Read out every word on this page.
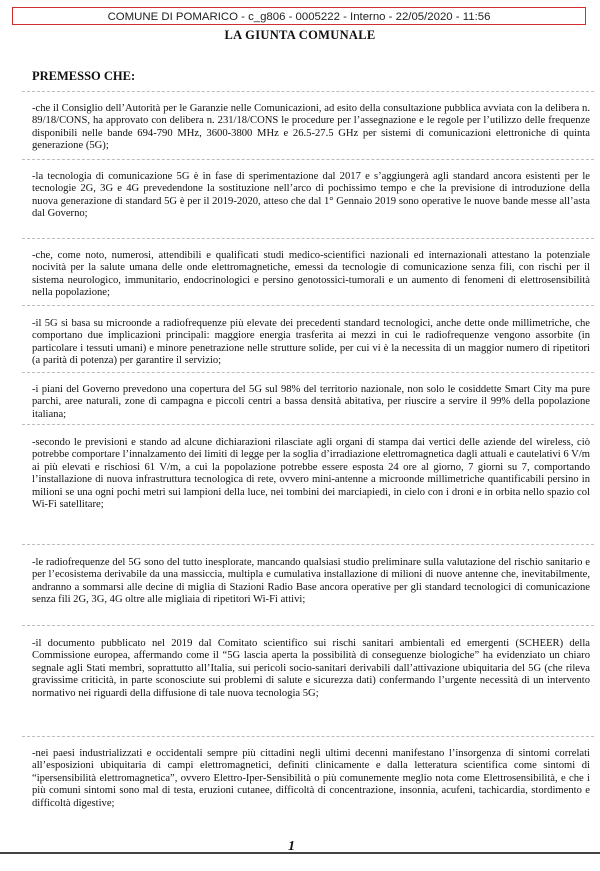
COMUNE DI POMARICO - c_g806 - 0005222 - Interno - 22/05/2020 - 11:56
LA GIUNTA COMUNALE
PREMESSO CHE:

-che il Consiglio dell’Autorità per le Garanzie nelle Comunicazioni, ad esito della consultazione pubblica avviata con la delibera n. 89/18/CONS, ha approvato con delibera n. 231/18/CONS le procedure per l’assegnazione e le regole per l’utilizzo delle frequenze disponibili nelle bande 694-790 MHz, 3600-3800 MHz e 26.5-27.5 GHz per sistemi di comunicazioni elettroniche di quinta generazione (5G);

-la tecnologia di comunicazione 5G è in fase di sperimentazione dal 2017 e s’aggiungerà agli standard ancora esistenti per le tecnologie 2G, 3G e 4G prevedendone la sostituzione nell’arco di pochissimo tempo e che la previsione di introduzione della nuova generazione di standard 5G è per il 2019-2020, atteso che dal 1° Gennaio 2019 sono operative le nuove bande messe all’asta dal Governo;

-che, come noto, numerosi, attendibili e qualificati studi medico-scientifici nazionali ed internazionali attestano la potenziale nocività per la salute umana delle onde elettromagnetiche, emessi da tecnologie di comunicazione senza fili, con rischi per il sistema neurologico, immunitario, endocrinologici e persino genotossici-tumorali e un aumento di fenomeni di elettrosensibilità nella popolazione;

-il 5G si basa su microonde a radiofrequenze più elevate dei precedenti standard tecnologici, anche dette onde millimetriche, che comportano due implicazioni principali: maggiore energia trasferita ai mezzi in cui le radiofrequenze vengono assorbite (in particolare i tessuti umani) e minore penetrazione nelle strutture solide, per cui vi è la necessita di un maggior numero di ripetitori (a parità di potenza) per garantire il servizio;

-i piani del Governo prevedono una copertura del 5G sul 98% del territorio nazionale, non solo le cosiddette Smart City ma pure parchi, aree naturali, zone di campagna e piccoli centri a bassa densità abitativa, per riuscire a servire il 99% della popolazione italiana;

-secondo le previsioni e stando ad alcune dichiarazioni rilasciate agli organi di stampa dai vertici delle aziende del wireless, ciò potrebbe comportare l’innalzamento dei limiti di legge per la soglia d’irradiazione elettromagnetica dagli attuali e cautelativi 6 V/m ai più elevati e rischiosi 61 V/m, a cui la popolazione potrebbe essere esposta 24 ore al giorno, 7 giorni su 7, comportando l’installazione di nuova infrastruttura tecnologica di rete, ovvero mini-antenne a microonde millimetriche quantificabili persino in milioni se una ogni pochi metri sui lampioni della luce, nei tombini dei marciapiedi, in cielo con i droni e in orbita nello spazio col Wi-Fi satellitare;

-le radiofrequenze del 5G sono del tutto inesplorate, mancando qualsiasi studio preliminare sulla valutazione del rischio sanitario e per l’ecosistema derivabile da una massiccia, multipla e cumulativa installazione di milioni di nuove antenne che, inevitabilmente, andranno a sommarsi alle decine di miglia di Stazioni Radio Base ancora operative per gli standard tecnologici di comunicazione senza fili 2G, 3G, 4G oltre alle migliaia di ripetitori Wi-Fi attivi;

-il documento pubblicato nel 2019 dal Comitato scientifico sui rischi sanitari ambientali ed emergenti (SCHEER) della Commissione europea, affermando come il “5G lascia aperta la possibilità di conseguenze biologiche” ha evidenziato un chiaro segnale agli Stati membri, soprattutto all’Italia, sui pericoli socio-sanitari derivabili dall’attivazione ubiquitaria del 5G (che rileva gravissime criticità, in parte sconosciute sui problemi di salute e sicurezza dati) confermando l’urgente necessità di un intervento normativo nei riguardi della diffusione di tale nuova tecnologia 5G;

-nei paesi industrializzati e occidentali sempre più cittadini negli ultimi decenni manifestano l’insorgenza di sintomi correlati all’esposizioni ubiquitaria di campi elettromagnetici, definiti clinicamente e dalla letteratura scientifica come sintomi di “ipersensibilità elettromagnetica”, ovvero Elettro-Iper-Sensibilità o più comunemente meglio nota come Elettrosensibilità, e che i più comuni sintomi sono mal di testa, eruzioni cutanee, difficoltà di concentrazione, insonnia, acufeni, tachicardia, stordimento e difficoltà digestive;

1
